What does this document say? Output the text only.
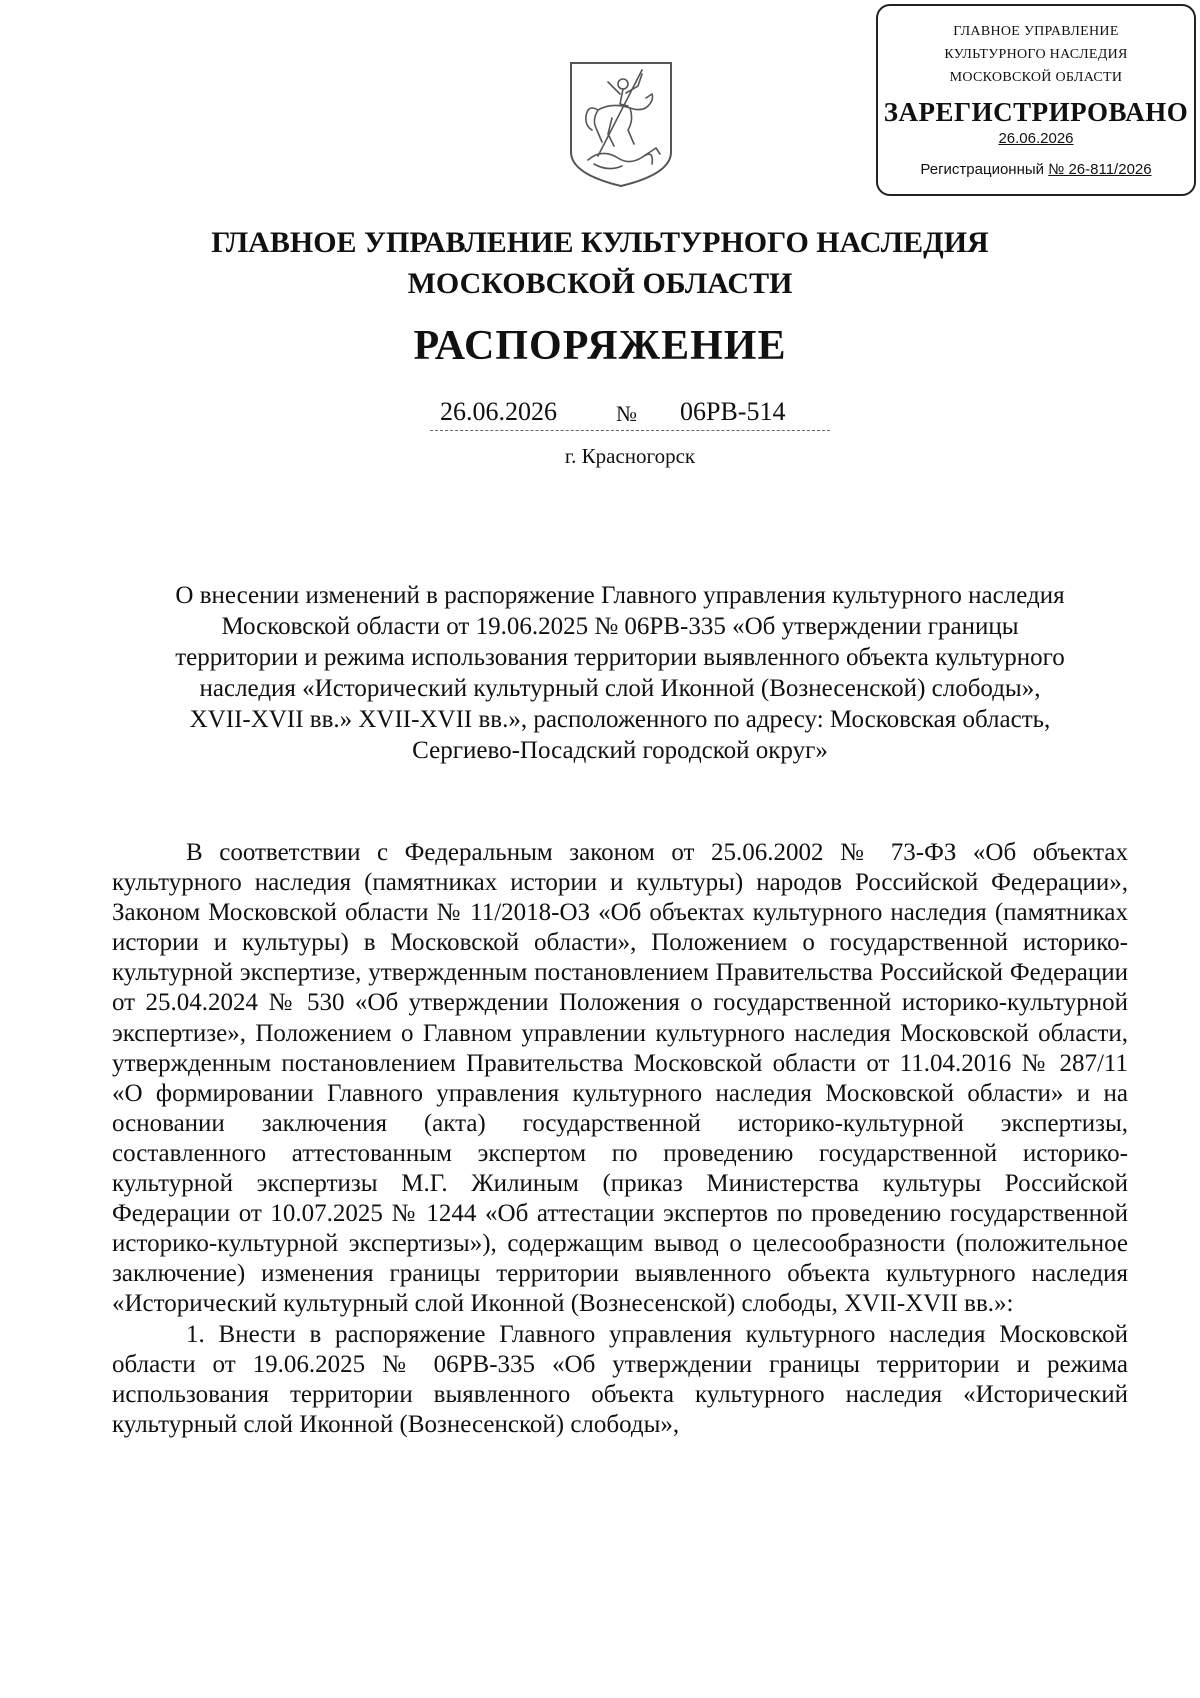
ГЛАВНОЕ УПРАВЛЕНИЕ
КУЛЬТУРНОГО НАСЛЕДИЯ
МОСКОВСКОЙ ОБЛАСТИ
ЗАРЕГИСТРИРОВАНО
26.06.2026
Регистрационный № 26-811/2026
ГЛАВНОЕ УПРАВЛЕНИЕ КУЛЬТУРНОГО НАСЛЕДИЯ
МОСКОВСКОЙ ОБЛАСТИ
РАСПОРЯЖЕНИЕ
26.06.2026	№ 06РВ-514
г. Красногорск
О внесении изменений в распоряжение Главного управления культурного наследия
Московской области от 19.06.2025 № 06РВ-335 «Об утверждении границы
территории и режима использования территории выявленного объекта культурного
наследия «Исторический культурный слой Иконной (Вознесенской) слободы»,
XVII-XVII вв.» XVII-XVII вв.», расположенного по адресу: Московская область,
Сергиево-Посадский городской округ»

В соответствии с Федеральным законом от 25.06.2002 № 73-ФЗ «Об объектах культурного наследия (памятниках истории и культуры) народов Российской Федерации», Законом Московской области № 11/2018-ОЗ «Об объектах культурного наследия (памятниках истории и культуры) в Московской области», Положением о государственной историко-культурной экспертизе, утвержденным постановлением Правительства Российской Федерации от 25.04.2024 № 530 «Об утверждении Положения о государственной историко-культурной экспертизе», Положением о Главном управлении культурного наследия Московской области, утвержденным постановлением Правительства Московской области от 11.04.2016 № 287/11 «О формировании Главного управления культурного наследия Московской области» и на основании заключения (акта) государственной историко-культурной экспертизы, составленного аттестованным экспертом по проведению государственной историко-культурной экспертизы М.Г. Жилиным (приказ Министерства культуры Российской Федерации от 10.07.2025 № 1244 «Об аттестации экспертов по проведению государственной историко-культурной экспертизы»), содержащим вывод о целесообразности (положительное заключение) изменения границы территории выявленного объекта культурного наследия «Исторический культурный слой Иконной (Вознесенской) слободы, XVII-XVII вв.»:

1. Внести в распоряжение Главного управления культурного наследия Московской области от 19.06.2025 № 06РВ-335 «Об утверждении границы территории и режима использования территории выявленного объекта культурного наследия «Исторический культурный слой Иконной (Вознесенской) слободы»,
